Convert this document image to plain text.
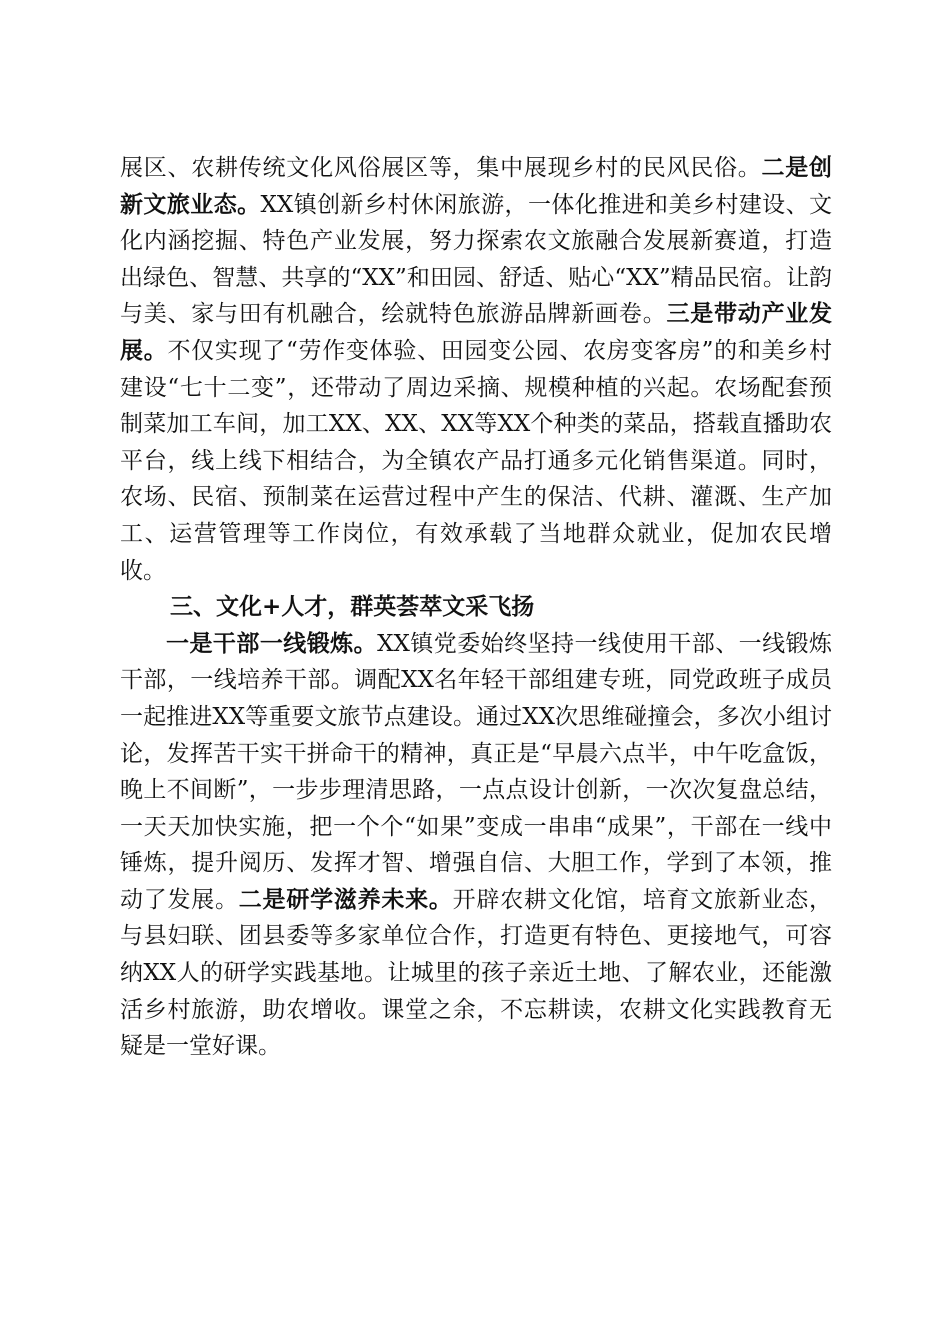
展区、农耕传统文化风俗展区等，集中展现乡村的民风民俗。二是创新文旅业态。XX镇创新乡村休闲旅游，一体化推进和美乡村建设、文化内涵挖掘、特色产业发展，努力探索农文旅融合发展新赛道，打造出绿色、智慧、共享的“XX”和田园、舒适、贴心“XX”精品民宿。让韵与美、家与田有机融合，绘就特色旅游品牌新画卷。三是带动产业发展。不仅实现了“劳作变体验、田园变公园、农房变客房”的和美乡村建设“七十二变”，还带动了周边采摘、规模种植的兴起。农场配套预制菜加工车间，加工XX、XX、XX等XX个种类的菜品，搭载直播助农平台，线上线下相结合，为全镇农产品打通多元化销售渠道。同时，农场、民宿、预制菜在运营过程中产生的保洁、代耕、灌溉、生产加工、运营管理等工作岗位，有效承载了当地群众就业，促加农民增收。

三、文化+人才，群英荟萃文采飞扬

一是干部一线锻炼。XX镇党委始终坚持一线使用干部、一线锻炼干部，一线培养干部。调配XX名年轻干部组建专班，同党政班子成员一起推进XX等重要文旅节点建设。通过XX次思维碰撞会，多次小组讨论，发挥苦干实干拼命干的精神，真正是“早晨六点半，中午吃盒饭，晚上不间断”，一步步理清思路，一点点设计创新，一次次复盘总结，一天天加快实施，把一个个“如果”变成一串串“成果”，干部在一线中锤炼，提升阅历、发挥才智、增强自信、大胆工作，学到了本领，推动了发展。二是研学滋养未来。开辟农耕文化馆，培育文旅新业态，与县妇联、团县委等多家单位合作，打造更有特色、更接地气，可容纳XX人的研学实践基地。让城里的孩子亲近土地、了解农业，还能激活乡村旅游，助农增收。课堂之余，不忘耕读，农耕文化实践教育无疑是一堂好课。
